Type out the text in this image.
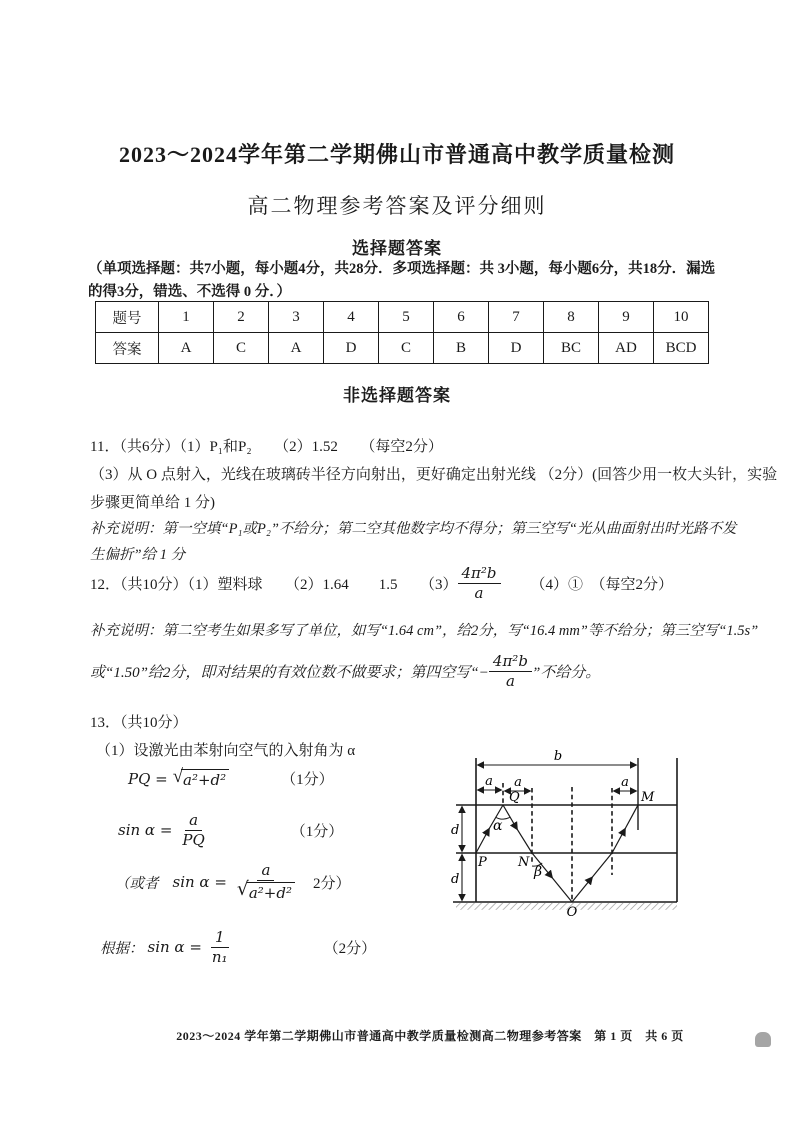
2023～2024学年第二学期佛山市普通高中教学质量检测
高二物理参考答案及评分细则
选择题答案
（单项选择题：共7小题，每小题4分，共28分．多项选择题：共 3小题，每小题6分，共18分．漏选
的得3分，错选、不选得 0 分．）
题号	1	2	3	4	5	6	7	8	9	10
答案	A	C	A	D	C	B	D	BC	AD	BCD
非选择题答案
11．（共6分）（1）P₁和P₂　　（2）1.52　　（每空2分）
（3）从 O 点射入，光线在玻璃砖半径方向射出，更好确定出射光线 （2分）(回答少用一枚大头针，实验
步骤更简单给 1 分)
补充说明：第一空填“P₁或P₂”不给分；第二空其他数字均不得分；第三空写“光从曲面射出时光路不发
生偏折”给 1 分
12．（共10分）（1）塑料球　　（2）1.64　　1.5　　$(3) \frac{\text{4π²b}}{a}$ （4）①　（每空2分）
补充说明：第二空考生如果多写了单位，如写“1.64 cm”，给2分，写“16.4 mm”等不给分；第三空写“1.5s”
或“1.50”给2分，即对结果的有效位数不做要求；第四空写“− $\frac{\text{4π²b}}{a}$ ”不给分。
13．（共10分）
（1）设激光由苯射向空气的入射角为 α
PQ = √ a²+d²	（1分）
$\sin \alpha = \frac{a}{PQ}$	（1分）
（或者 $\sin \alpha = \frac{a}{\text{√ a²+d²}} 2$分）
根据： $\sin \alpha = \frac{1}{\text{n₁}}$	（2分）
b
a a	a
Q	M
P N
O
α
β
d
d
2023～2024 学年第二学期佛山市普通高中教学质量检测高二物理参考答案　第 1 页　共 6 页
